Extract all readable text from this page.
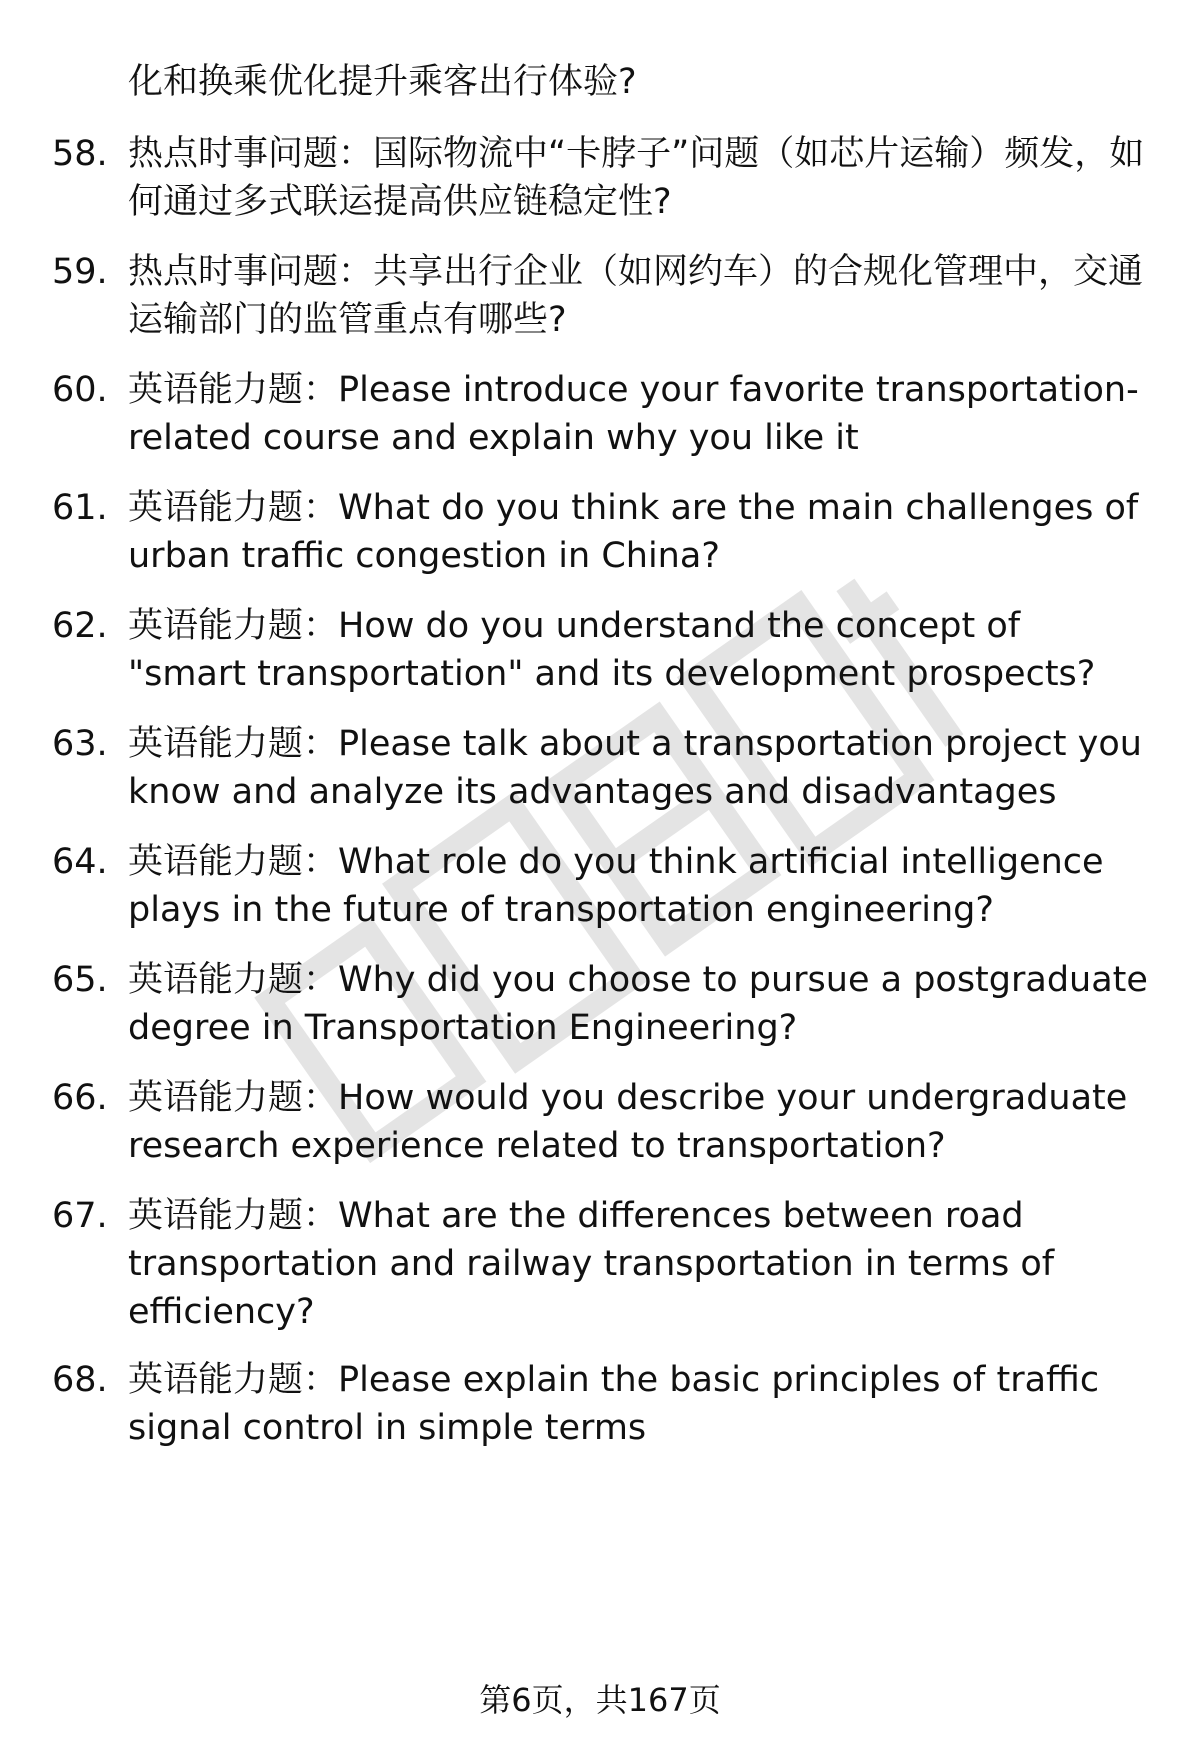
化和换乘优化提升乘客出行体验?
58. 热点时事问题：国际物流中“卡脖子”问题（如芯片运输）频发，如何通过多式联运提高供应链稳定性?
59. 热点时事问题：共享出行企业（如网约车）的合规化管理中，交通运输部门的监管重点有哪些?
60. 英语能力题：Please introduce your favorite transportation-related course and explain why you like it
61. 英语能力题：What do you think are the main challenges of urban traffic congestion in China?
62. 英语能力题：How do you understand the concept of "smart transportation" and its development prospects?
63. 英语能力题：Please talk about a transportation project you know and analyze its advantages and disadvantages
64. 英语能力题：What role do you think artificial intelligence plays in the future of transportation engineering?
65. 英语能力题：Why did you choose to pursue a postgraduate degree in Transportation Engineering?
66. 英语能力题：How would you describe your undergraduate research experience related to transportation?
67. 英语能力题：What are the differences between road transportation and railway transportation in terms of efficiency?
68. 英语能力题：Please explain the basic principles of traffic signal control in simple terms
第6页，共167页
